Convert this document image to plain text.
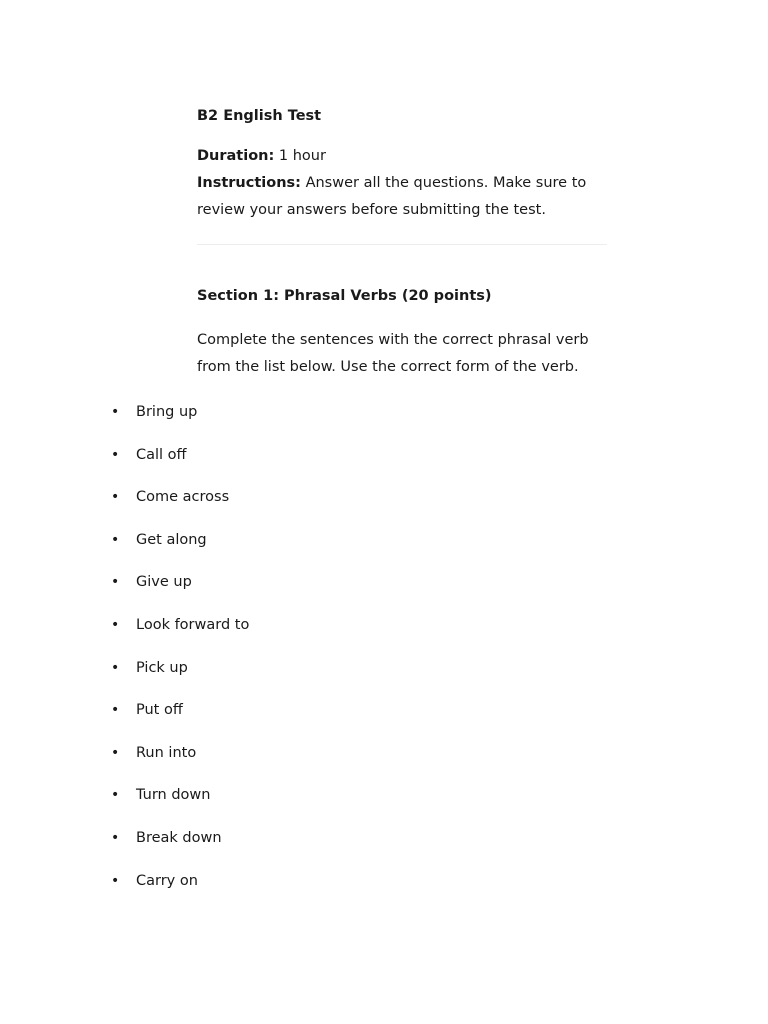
B2 English Test

Duration: 1 hour

Instructions: Answer all the questions. Make sure to review your answers before submitting the test.

Section 1: Phrasal Verbs (20 points)

Complete the sentences with the correct phrasal verb from the list below. Use the correct form of the verb.

• Bring up
• Call off
• Come across
• Get along
• Give up
• Look forward to
• Pick up
• Put off
• Run into
• Turn down
• Break down
• Carry on
